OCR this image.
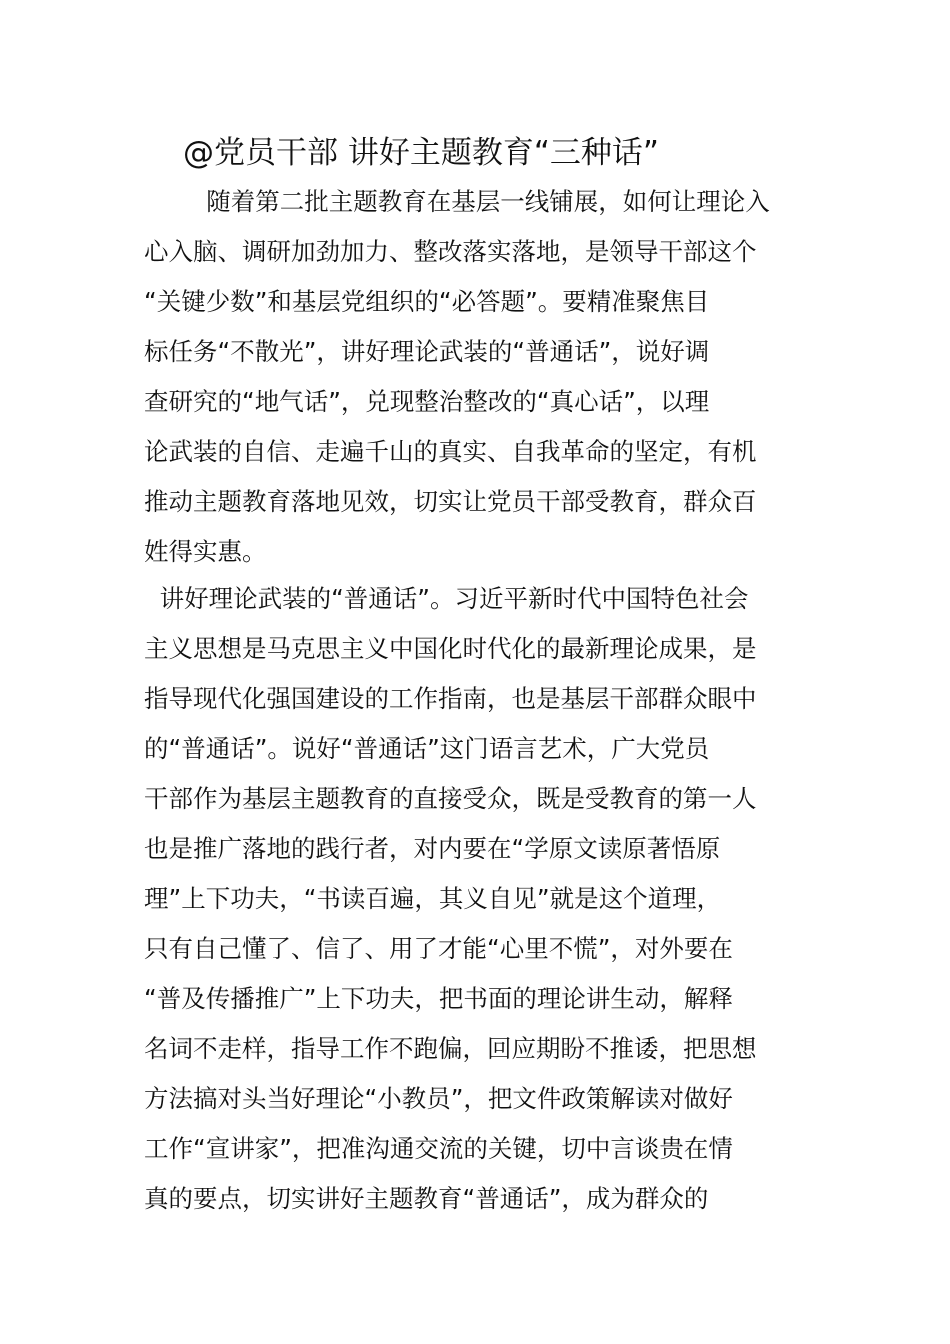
@党员干部 讲好主题教育“三种话”
随着第二批主题教育在基层一线铺展，如何让理论入
心入脑、调研加劲加力、整改落实落地，是领导干部这个
“关键少数”和基层党组织的“必答题”。要精准聚焦目
标任务“不散光”，讲好理论武装的“普通话”，说好调
查研究的“地气话”，兑现整治整改的“真心话”，以理
论武装的自信、走遍千山的真实、自我革命的坚定，有机
推动主题教育落地见效，切实让党员干部受教育，群众百
姓得实惠。
讲好理论武装的“普通话”。习近平新时代中国特色社会
主义思想是马克思主义中国化时代化的最新理论成果，是
指导现代化强国建设的工作指南，也是基层干部群众眼中
的“普通话”。说好“普通话”这门语言艺术，广大党员
干部作为基层主题教育的直接受众，既是受教育的第一人
也是推广落地的践行者，对内要在“学原文读原著悟原
理”上下功夫，“书读百遍，其义自见”就是这个道理，
只有自己懂了、信了、用了才能“心里不慌”，对外要在
“普及传播推广”上下功夫，把书面的理论讲生动，解释
名词不走样，指导工作不跑偏，回应期盼不推诿，把思想
方法搞对头当好理论“小教员”，把文件政策解读对做好
工作“宣讲家”，把准沟通交流的关键，切中言谈贵在情
真的要点，切实讲好主题教育“普通话”，成为群众的
